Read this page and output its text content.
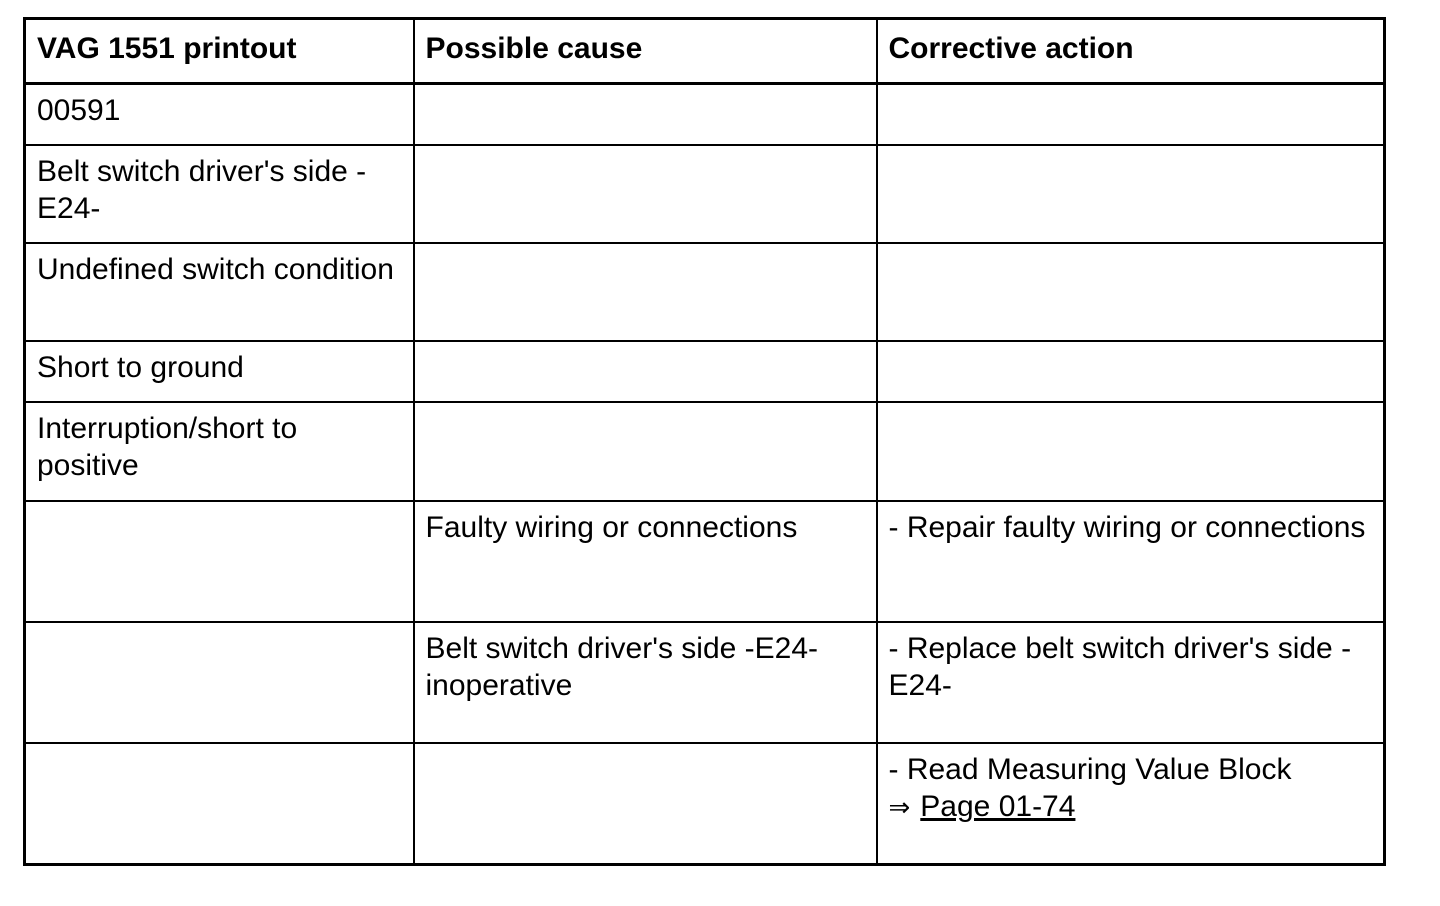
VAG 1551 printout	Possible cause	Corrective action
00591		
Belt switch driver's side -E24-		
Undefined switch condition		
Short to ground		
Interruption/short to positive		
	Faulty wiring or connections	- Repair faulty wiring or connections
	Belt switch driver's side -E24- inoperative	- Replace belt switch driver's side -E24-

		- Read Measuring Value Block
⇒ Page 01-74
